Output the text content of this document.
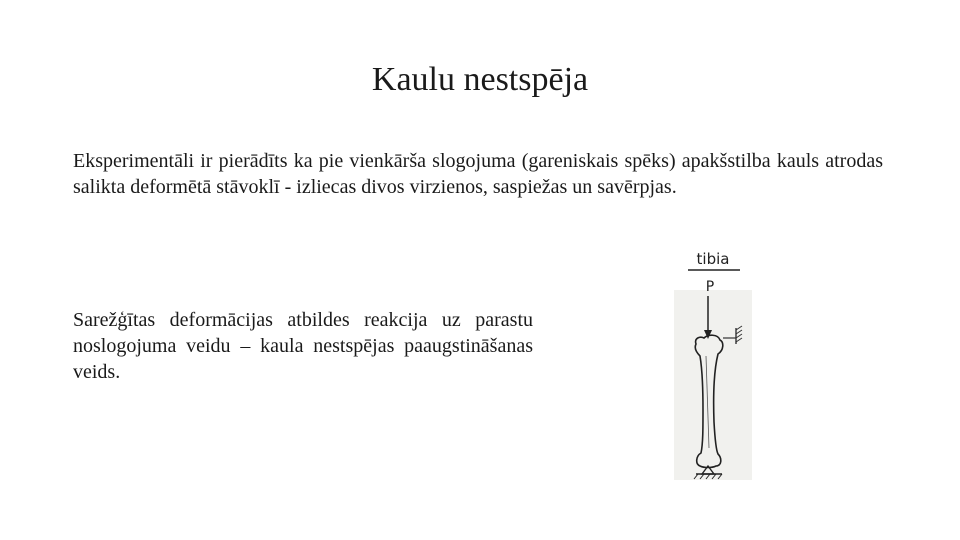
Kaulu nestspēja

Eksperimentāli ir pierādīts ka pie vienkārša slogojuma (gareniskais spēks) apakšstilba kauls atrodas salikta deformētā stāvoklī - izliecas divos virzienos, saspiežas un savērpjas.

Sarežģītas deformācijas atbildes reakcija uz parastu noslogojuma veidu – kaula nestspējas paaugstināšanas veids.

tibia
P
